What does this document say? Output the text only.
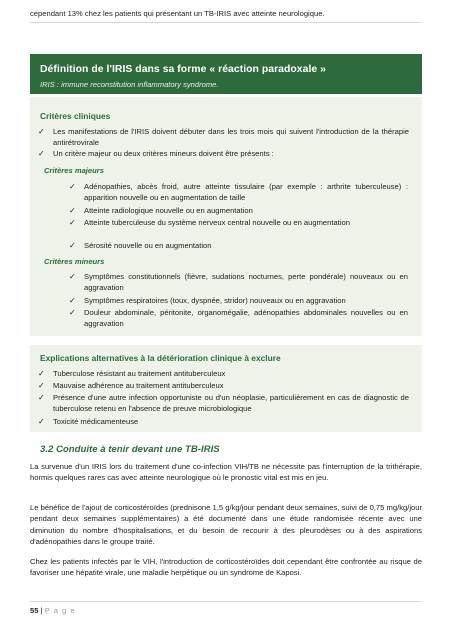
cependant 13% chez les patients qui présentant un TB-IRIS avec atteinte neurologique.
Définition de l'IRIS dans sa forme « réaction paradoxale »
IRIS : immune reconstitution inflammatory syndrome.
Critères cliniques
✓ Les manifestations de l'IRIS doivent débuter dans les trois mois qui suivent l'introduction de la thérapie antirétrovirale
✓ Un critère majeur ou deux critères mineurs doivent être présents :
Critères majeurs
✓ Adénopathies, abcès froid, autre atteinte tissulaire (par exemple : arthrite tuberculeuse) : apparition nouvelle ou en augmentation de taille
✓ Atteinte radiologique nouvelle ou en augmentation
✓ Atteinte tuberculeuse du système nerveux central nouvelle ou en augmentation
✓ Sérosité nouvelle ou en augmentation
Critères mineurs
✓ Symptômes constitutionnels (fièvre, sudations nocturnes, perte pondérale) nouveaux ou en aggravation
✓ Symptômes respiratoires (toux, dyspnée, stridor) nouveaux ou en aggravation
✓ Douleur abdominale, péritonite, organomégalie, adénopathies abdominales nouvelles ou en aggravation
Explications alternatives à la détérioration clinique à exclure
✓ Tuberculose résistant au traitement antituberculeux
✓ Mauvaise adhérence au traitement antituberculeux
✓ Présence d'une autre infection opportuniste ou d'un néoplasie, particulièrement en cas de diagnostic de tuberculose retenu en l'absence de preuve microbiologique
✓ Toxicité médicamenteuse
3.2 Conduite à tenir devant une TB-IRIS
La survenue d'un IRIS lors du traitement d'une co-infection VIH/TB ne nécessite pas l'interruption de la trithérapie, hormis quelques rares cas avec atteinte neurologique où le pronostic vital est mis en jeu.
Le bénéfice de l'ajout de corticostéroïdes (prednisone 1,5 g/kg/jour pendant deux semaines, suivi de 0,75 mg/kg/jour pendant deux semaines supplémentaires) a été documenté dans une étude randomisée récente avec une diminution du nombre d'hospitalisations, et du besoin de recourir à des pleurodèses ou à des aspirations d'adénopathies dans le groupe traité.
Chez les patients infectés par le VIH, l'introduction de corticostéroïdes doit cependant être confrontée au risque de favoriser une hépatite virale, une maladie herpétique ou un syndrome de Kaposi.
55 | P a g e
